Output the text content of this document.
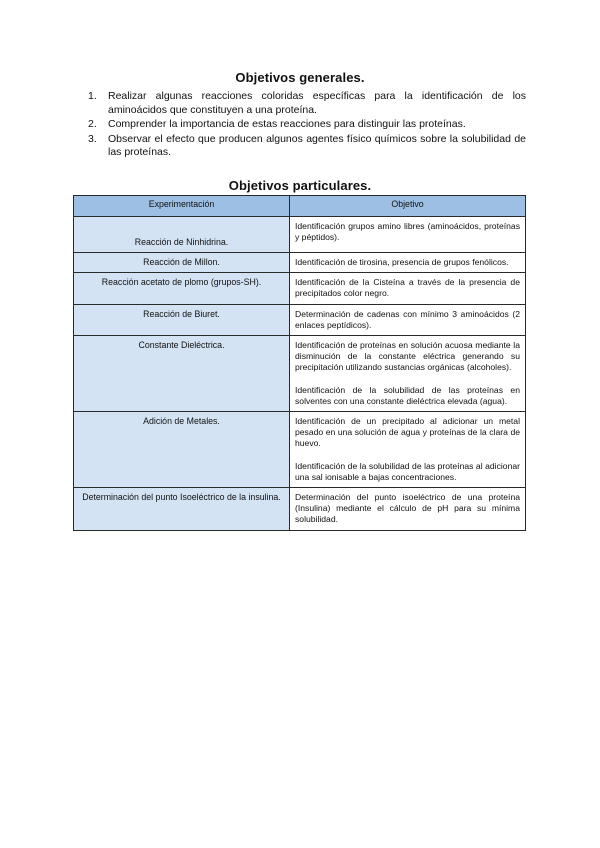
Objetivos generales.
1. Realizar algunas reacciones coloridas específicas para la identificación de los aminoácidos que constituyen a una proteína.
2. Comprender la importancia de estas reacciones para distinguir las proteínas.
3. Observar el efecto que producen algunos agentes físico químicos sobre la solubilidad de las proteínas.
Objetivos particulares.
Experimentación	Objetivo
Reacción de Ninhidrina.	Identificación grupos amino libres (aminoácidos, proteínas y péptidos).

Reacción de Millon.	Identificación de tirosina, presencia de grupos fenólicos.

Reacción acetato de plomo (grupos-SH).	Identificación de la Cisteína a través de la presencia de precipitados color negro.

Reacción de Biuret.	Determinación de cadenas con mínimo 3 aminoácidos (2 enlaces peptídicos).

Constante Dieléctrica.	Identificación de proteínas en solución acuosa mediante la disminución de la constante eléctrica generando su precipitación utilizando sustancias orgánicas (alcoholes).

Identificación de la solubilidad de las proteínas en solventes con una constante dieléctrica elevada (agua).

Adición de Metales.	Identificación de un precipitado al adicionar un metal pesado en una solución de agua y proteínas de la clara de huevo.

Identificación de la solubilidad de las proteínas al adicionar una sal ionisable a bajas concentraciones.

Determinación del punto Isoeléctrico de la insulina.	Determinación del punto isoeléctrico de una proteína (Insulina) mediante el cálculo de pH para su mínima solubilidad.
